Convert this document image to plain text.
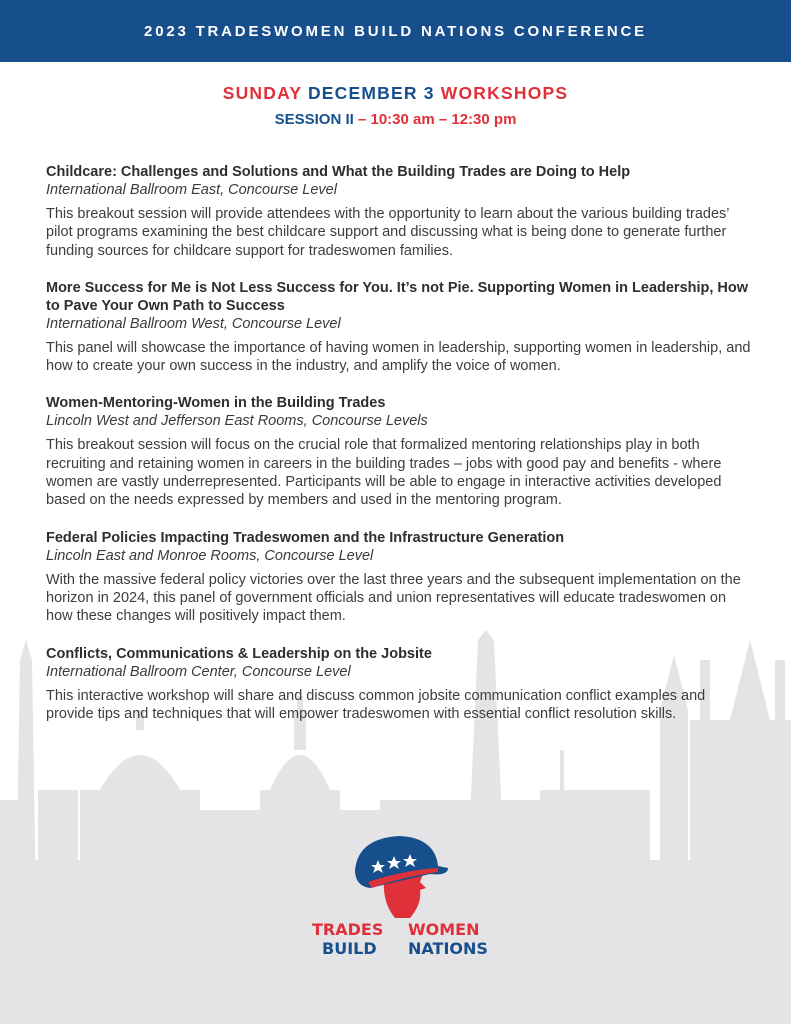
2023 TRADESWOMEN BUILD NATIONS CONFERENCE
SUNDAY DECEMBER 3 WORKSHOPS
SESSION II – 10:30 am – 12:30 pm
Childcare: Challenges and Solutions and What the Building Trades are Doing to Help
International Ballroom East, Concourse Level
This breakout session will provide attendees with the opportunity to learn about the various building trades’ pilot programs examining the best childcare support and discussing what is being done to generate further funding sources for childcare support for tradeswomen families.
More Success for Me is Not Less Success for You. It’s not Pie. Supporting Women in Leadership, How to Pave Your Own Path to Success
International Ballroom West, Concourse Level
This panel will showcase the importance of having women in leadership, supporting women in leadership, and how to create your own success in the industry, and amplify the voice of women.
Women-Mentoring-Women in the Building Trades
Lincoln West and Jefferson East Rooms, Concourse Levels
This breakout session will focus on the crucial role that formalized mentoring relationships play in both recruiting and retaining women in careers in the building trades – jobs with good pay and benefits - where women are vastly underrepresented. Participants will be able to engage in interactive activities developed based on the needs expressed by members and used in the mentoring program.
Federal Policies Impacting Tradeswomen and the Infrastructure Generation
Lincoln East and Monroe Rooms, Concourse Level
With the massive federal policy victories over the last three years and the subsequent implementation on the horizon in 2024, this panel of government officials and union representatives will educate tradeswomen on how these changes will positively impact them.
Conflicts, Communications & Leadership on the Jobsite
International Ballroom Center, Concourse Level
This interactive workshop will share and discuss common jobsite communication conflict examples and provide tips and techniques that will empower tradeswomen with essential conflict resolution skills.
TRADES WOMEN
BUILD NATIONS
